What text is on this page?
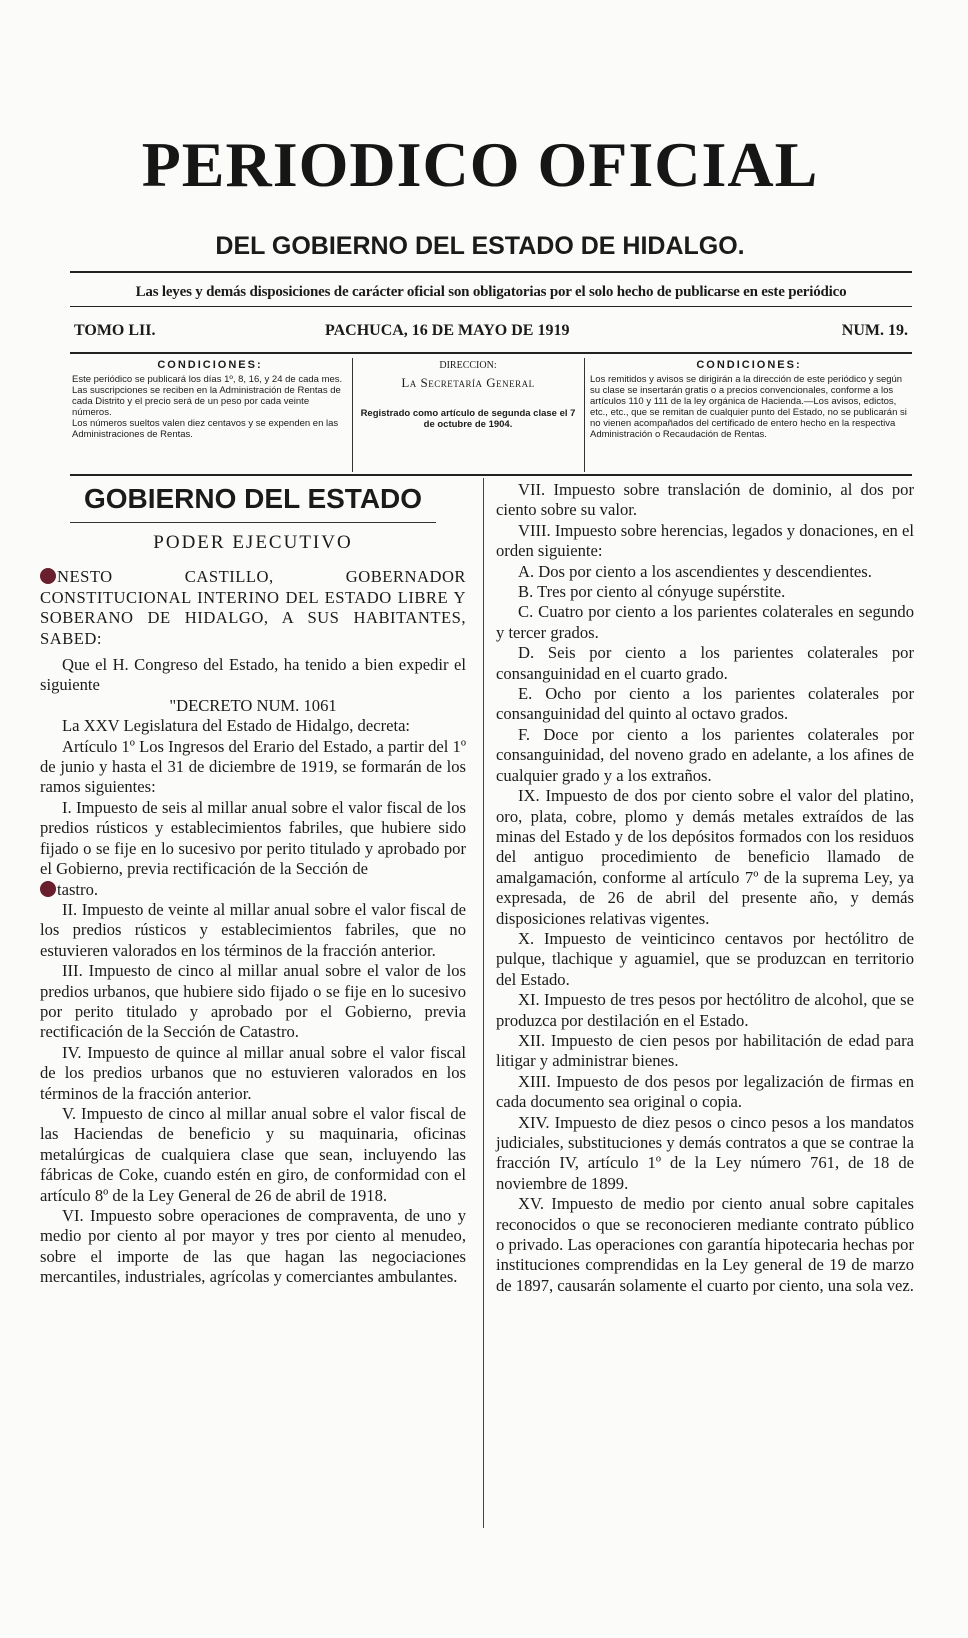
PERIODICO OFICIAL
DEL GOBIERNO DEL ESTADO DE HIDALGO.
Las leyes y demás disposiciones de carácter oficial son obligatorias por el solo hecho de publicarse en este periódico
TOMO LII.	PACHUCA, 16 DE MAYO DE 1919	NUM. 19.
CONDICIONES:

Este periódico se publicará los días 1º, 8, 16, y 24 de cada mes.

Las suscripciones se reciben en la Administración de Rentas de cada Distrito y el precio será de un peso por cada veinte números.

Los números sueltos valen diez centavos y se expenden en las Administraciones de Rentas.

DIRECCION:
La Secretaría General

Registrado como artículo de segunda clase el 7 de octubre de 1904.

CONDICIONES:

Los remitidos y avisos se dirigirán a la dirección de este periódico y según su clase se insertarán gratis o a precios convencionales, conforme a los artículos 110 y 111 de la ley orgánica de Hacienda.—Los avisos, edictos, etc., etc., que se remitan de cualquier punto del Estado, no se publicarán si no vienen acompañados del certificado de entero hecho en la respectiva Administración o Recaudación de Rentas.

GOBIERNO DEL ESTADO
PODER EJECUTIVO

NESTO CASTILLO, GOBERNADOR CONSTITUCIONAL INTERINO DEL ESTADO LIBRE Y SOBERANO DE HIDALGO, A SUS HABITANTES, SABED:

Que el H. Congreso del Estado, ha tenido a bien expedir el siguiente

"DECRETO NUM. 1061

La XXV Legislatura del Estado de Hidalgo, decreta:

Artículo 1º Los Ingresos del Erario del Estado, a partir del 1º de junio y hasta el 31 de diciembre de 1919, se formarán de los ramos siguientes:

I. Impuesto de seis al millar anual sobre el valor fiscal de los predios rústicos y establecimientos fabriles, que hubiere sido fijado o se fije en lo sucesivo por perito titulado y aprobado por el Gobierno, previa rectificación de la Sección de

tastro.

II. Impuesto de veinte al millar anual sobre el valor fiscal de los predios rústicos y establecimientos fabriles, que no estuvieren valorados en los términos de la fracción anterior.

III. Impuesto de cinco al millar anual sobre el valor de los predios urbanos, que hubiere sido fijado o se fije en lo sucesivo por perito titulado y aprobado por el Gobierno, previa rectificación de la Sección de Catastro.

IV. Impuesto de quince al millar anual sobre el valor fiscal de los predios urbanos que no estuvieren valorados en los términos de la fracción anterior.

V. Impuesto de cinco al millar anual sobre el valor fiscal de las Haciendas de beneficio y su maquinaria, oficinas metalúrgicas de cualquiera clase que sean, incluyendo las fábricas de Coke, cuando estén en giro, de conformidad con el artículo 8º de la Ley General de 26 de abril de 1918.

VI. Impuesto sobre operaciones de compraventa, de uno y medio por ciento al por mayor y tres por ciento al menudeo, sobre el importe de las que hagan las negociaciones mercantiles, industriales, agrícolas y comerciantes ambulantes.

VII. Impuesto sobre translación de dominio, al dos por ciento sobre su valor.

VIII. Impuesto sobre herencias, legados y donaciones, en el orden siguiente:

A. Dos por ciento a los ascendientes y descendientes.

B. Tres por ciento al cónyuge supérstite.

C. Cuatro por ciento a los parientes colaterales en segundo y tercer grados.

D. Seis por ciento a los parientes colaterales por consanguinidad en el cuarto grado.

E. Ocho por ciento a los parientes colaterales por consanguinidad del quinto al octavo grados.

F. Doce por ciento a los parientes colaterales por consanguinidad, del noveno grado en adelante, a los afines de cualquier grado y a los extraños.

IX. Impuesto de dos por ciento sobre el valor del platino, oro, plata, cobre, plomo y demás metales extraídos de las minas del Estado y de los depósitos formados con los residuos del antiguo procedimiento de beneficio llamado de amalgamación, conforme al artículo 7º de la suprema Ley, ya expresada, de 26 de abril del presente año, y demás disposiciones relativas vigentes.

X. Impuesto de veinticinco centavos por hectólitro de pulque, tlachique y aguamiel, que se produzcan en territorio del Estado.

XI. Impuesto de tres pesos por hectólitro de alcohol, que se produzca por destilación en el Estado.

XII. Impuesto de cien pesos por habilitación de edad para litigar y administrar bienes.

XIII. Impuesto de dos pesos por legalización de firmas en cada documento sea original o copia.

XIV. Impuesto de diez pesos o cinco pesos a los mandatos judiciales, substituciones y demás contratos a que se contrae la fracción IV, artículo 1º de la Ley número 761, de 18 de noviembre de 1899.

XV. Impuesto de medio por ciento anual sobre capitales reconocidos o que se reconocieren mediante contrato público o privado. Las operaciones con garantía hipotecaria hechas por instituciones comprendidas en la Ley general de 19 de marzo de 1897, causarán solamente el cuarto por ciento, una sola vez.
